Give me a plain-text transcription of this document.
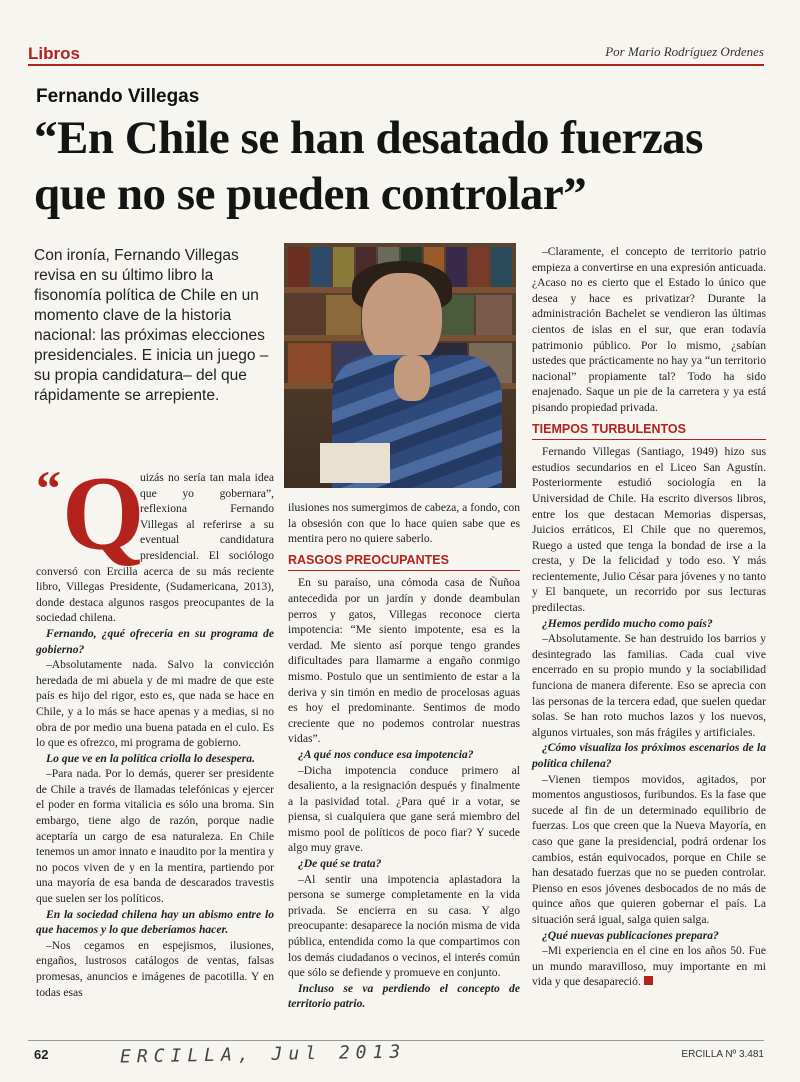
Libros	Por Mario Rodríguez Ordenes
Fernando Villegas
“En Chile se han desatado fuerzas que no se pueden controlar”

Con ironía, Fernando Villegas revisa en su último libro la fisonomía política de Chile en un momento clave de la historia nacional: las próximas elecciones presidenciales. E inicia un juego –su propia candidatura– del que rápidamente se arrepiente.

“ Q

uizás no sería tan mala idea que yo gobernara”, reflexiona Fernando Villegas al referirse a su eventual candidatura presidencial. El sociólogo conversó con Ercilla acerca de su más reciente libro, Villegas Presidente, (Sudamericana, 2013), donde destaca algunos rasgos preocupantes de la sociedad chilena.

Fernando, ¿qué ofrecería en su programa de gobierno?

–Absolutamente nada. Salvo la convicción heredada de mi abuela y de mi madre de que este país es hijo del rigor, esto es, que nada se hace en Chile, y a lo más se hace apenas y a medias, si no obra de por medio una buena patada en el culo. Es lo que es ofrezco, mi programa de gobierno.

Lo que ve en la política criolla lo desespera.

–Para nada. Por lo demás, querer ser presidente de Chile a través de llamadas telefónicas y ejercer el poder en forma vitalicia es sólo una broma. Sin embargo, tiene algo de razón, porque nadie aceptaría un cargo de esa naturaleza. En Chile tenemos un amor innato e inaudito por la mentira y no pocos viven de y en la mentira, partiendo por una mayoría de esa banda de descarados travestis que suelen ser los políticos.

En la sociedad chilena hay un abismo entre lo que hacemos y lo que deberíamos hacer.

–Nos cegamos en espejismos, ilusiones, engaños, lustrosos catálogos de ventas, falsas promesas, anuncios e imágenes de pacotilla. Y en todas esas

ilusiones nos sumergimos de cabeza, a fondo, con la obsesión con que lo hace quien sabe que es mentira pero no quiere saberlo.

RASGOS PREOCUPANTES

En su paraíso, una cómoda casa de Ñuñoa antecedida por un jardín y donde deambulan perros y gatos, Villegas reconoce cierta impotencia: “Me siento impotente, esa es la verdad. Me siento así porque tengo grandes dificultades para llamarme a engaño conmigo mismo. Postulo que un sentimiento de estar a la deriva y sin timón en medio de procelosas aguas es hoy el predominante. Sentimos de modo creciente que no podemos controlar nuestras vidas”.

¿A qué nos conduce esa impotencia?

–Dicha impotencia conduce primero al desaliento, a la resignación después y finalmente a la pasividad total. ¿Para qué ir a votar, se piensa, si cualquiera que gane será miembro del mismo pool de políticos de poco fiar? Y sucede algo muy grave.

¿De qué se trata?

–Al sentir una impotencia aplastadora la persona se sumerge completamente en la vida privada. Se encierra en su casa. Y algo preocupante: desaparece la noción misma de vida pública, entendida como la que compartimos con los demás ciudadanos o vecinos, el interés común que sólo se defiende y promueve en conjunto.

Incluso se va perdiendo el concepto de territorio patrio.

–Claramente, el concepto de territorio patrio empieza a convertirse en una expresión anticuada. ¿Acaso no es cierto que el Estado lo único que desea y hace es privatizar? Durante la administración Bachelet se vendieron las últimas cientos de islas en el sur, que eran todavía patrimonio público. Por lo mismo, ¿sabían ustedes que prácticamente no hay ya “un territorio nacional” propiamente tal? Todo ha sido enajenado. Saque un pie de la carretera y ya está pisando propiedad privada.

TIEMPOS TURBULENTOS

Fernando Villegas (Santiago, 1949) hizo sus estudios secundarios en el Liceo San Agustín. Posteriormente estudió sociología en la Universidad de Chile. Ha escrito diversos libros, entre los que destacan Memorias dispersas, Juicios erráticos, El Chile que no queremos, Ruego a usted que tenga la bondad de irse a la cresta, y De la felicidad y todo eso. Y más recientemente, Julio César para jóvenes y no tanto y El banquete, un recorrido por sus lecturas predilectas.

¿Hemos perdido mucho como país?

–Absolutamente. Se han destruido los barrios y desintegrado las familias. Cada cual vive encerrado en su propio mundo y la sociabilidad funciona de manera diferente. Eso se aprecia con las personas de la tercera edad, que suelen quedar solas. Se han roto muchos lazos y los nuevos, algunos virtuales, son más frágiles y artificiales.

¿Cómo visualiza los próximos escenarios de la política chilena?

–Vienen tiempos movidos, agitados, por momentos angustiosos, furibundos. Es la fase que sucede al fin de un determinado equilibrio de fuerzas. Los que creen que la Nueva Mayoría, en caso que gane la presidencial, podrá ordenar los cambios, están equivocados, porque en Chile se han desatado fuerzas que no se pueden controlar. Pienso en esos jóvenes desbocados de no más de quince años que quieren gobernar el país. La situación será igual, salga quien salga.

¿Qué nuevas publicaciones prepara?

–Mi experiencia en el cine en los años 50. Fue un mundo maravilloso, muy importante en mi vida y que desapareció.

62	ERCILLA, Jul 2013	ERCILLA Nº 3.481
